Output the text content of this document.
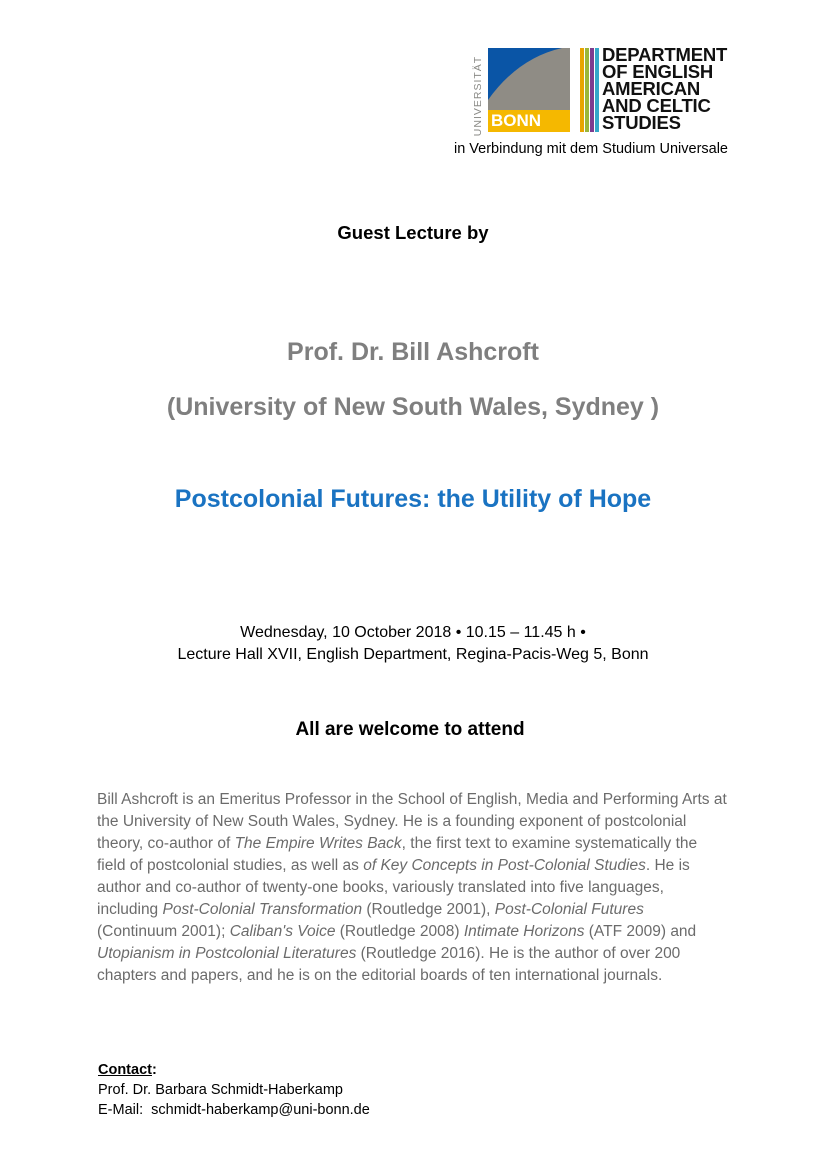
UNIVERSITÄT BONN
DEPARTMENT
OF ENGLISH
AMERICAN
AND CELTIC
STUDIES
in Verbindung mit dem Studium Universale
Guest Lecture by
Prof. Dr. Bill Ashcroft
(University of New South Wales, Sydney )
Postcolonial Futures: the Utility of Hope
Wednesday, 10 October 2018 • 10.15 – 11.45 h •
Lecture Hall XVII, English Department, Regina-Pacis-Weg 5, Bonn
All are welcome to attend
Bill Ashcroft is an Emeritus Professor in the School of English, Media and Performing Arts at the University of New South Wales, Sydney. He is a founding exponent of postcolonial theory, co-author of The Empire Writes Back, the first text to examine systematically the field of postcolonial studies, as well as of Key Concepts in Post-Colonial Studies. He is author and co-author of twenty-one books, variously translated into five languages, including Post-Colonial Transformation (Routledge 2001), Post-Colonial Futures (Continuum 2001); Caliban's Voice (Routledge 2008) Intimate Horizons (ATF 2009) and Utopianism in Postcolonial Literatures (Routledge 2016). He is the author of over 200 chapters and papers, and he is on the editorial boards of ten international journals.
Contact:
Prof. Dr. Barbara Schmidt-Haberkamp
E-Mail:  schmidt-haberkamp@uni-bonn.de
